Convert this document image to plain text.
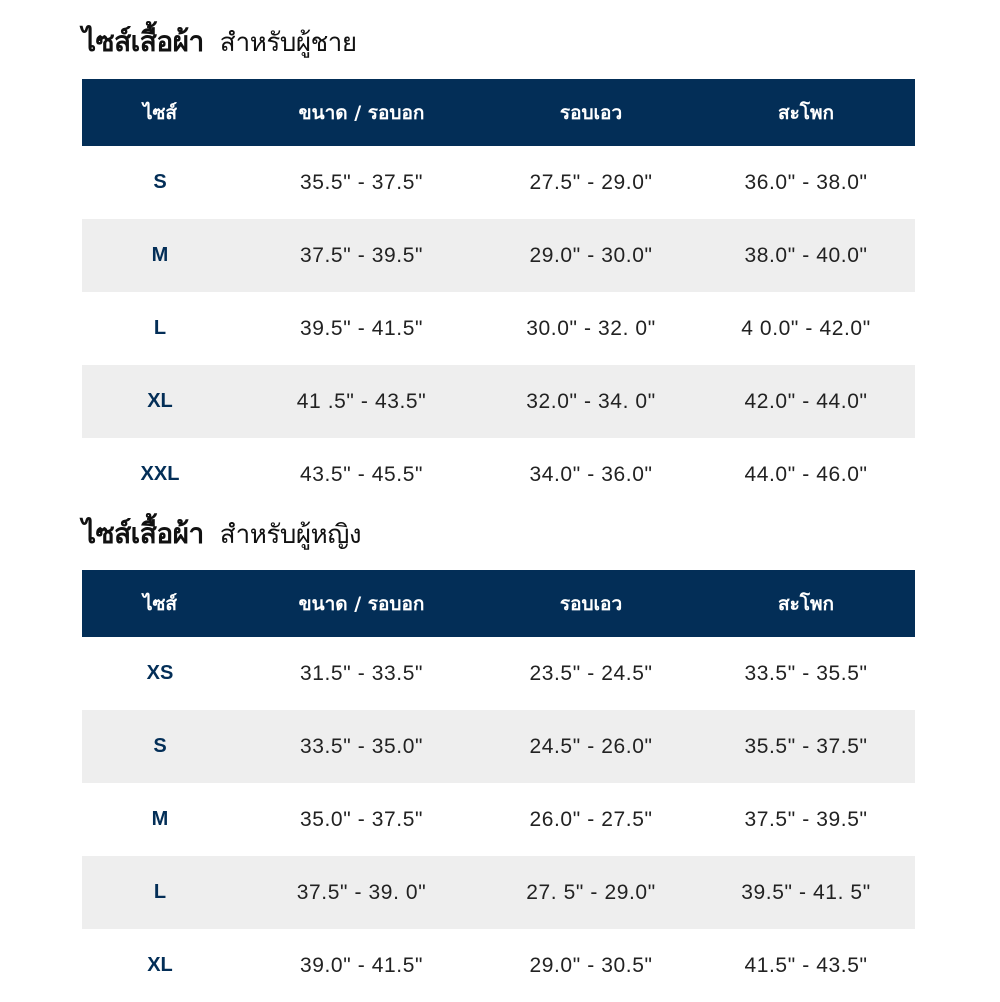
ไซส์เสื้อผ้า สำหรับผู้ชาย
ไซส์	ขนาด / รอบอก	รอบเอว	สะโพก
S	35.5" - 37.5"	27.5" - 29.0"	36.0" - 38.0"
M	37.5" - 39.5"	29.0" - 30.0"	38.0" - 40.0"
L	39.5" - 41.5"	30.0" - 32. 0"	4 0.0" - 42.0"
XL	41 .5" - 43.5"	32.0" - 34. 0"	42.0" - 44.0"
XXL	43.5" - 45.5"	34.0" - 36.0"	44.0" - 46.0"
ไซส์เสื้อผ้า สำหรับผู้หญิง
ไซส์	ขนาด / รอบอก	รอบเอว	สะโพก
XS	31.5" - 33.5"	23.5" - 24.5"	33.5" - 35.5"
S	33.5" - 35.0"	24.5" - 26.0"	35.5" - 37.5"
M	35.0" - 37.5"	26.0" - 27.5"	37.5" - 39.5"
L	37.5" - 39. 0"	27. 5" - 29.0"	39.5" - 41. 5"
XL	39.0" - 41.5"	29.0" - 30.5"	41.5" - 43.5"
